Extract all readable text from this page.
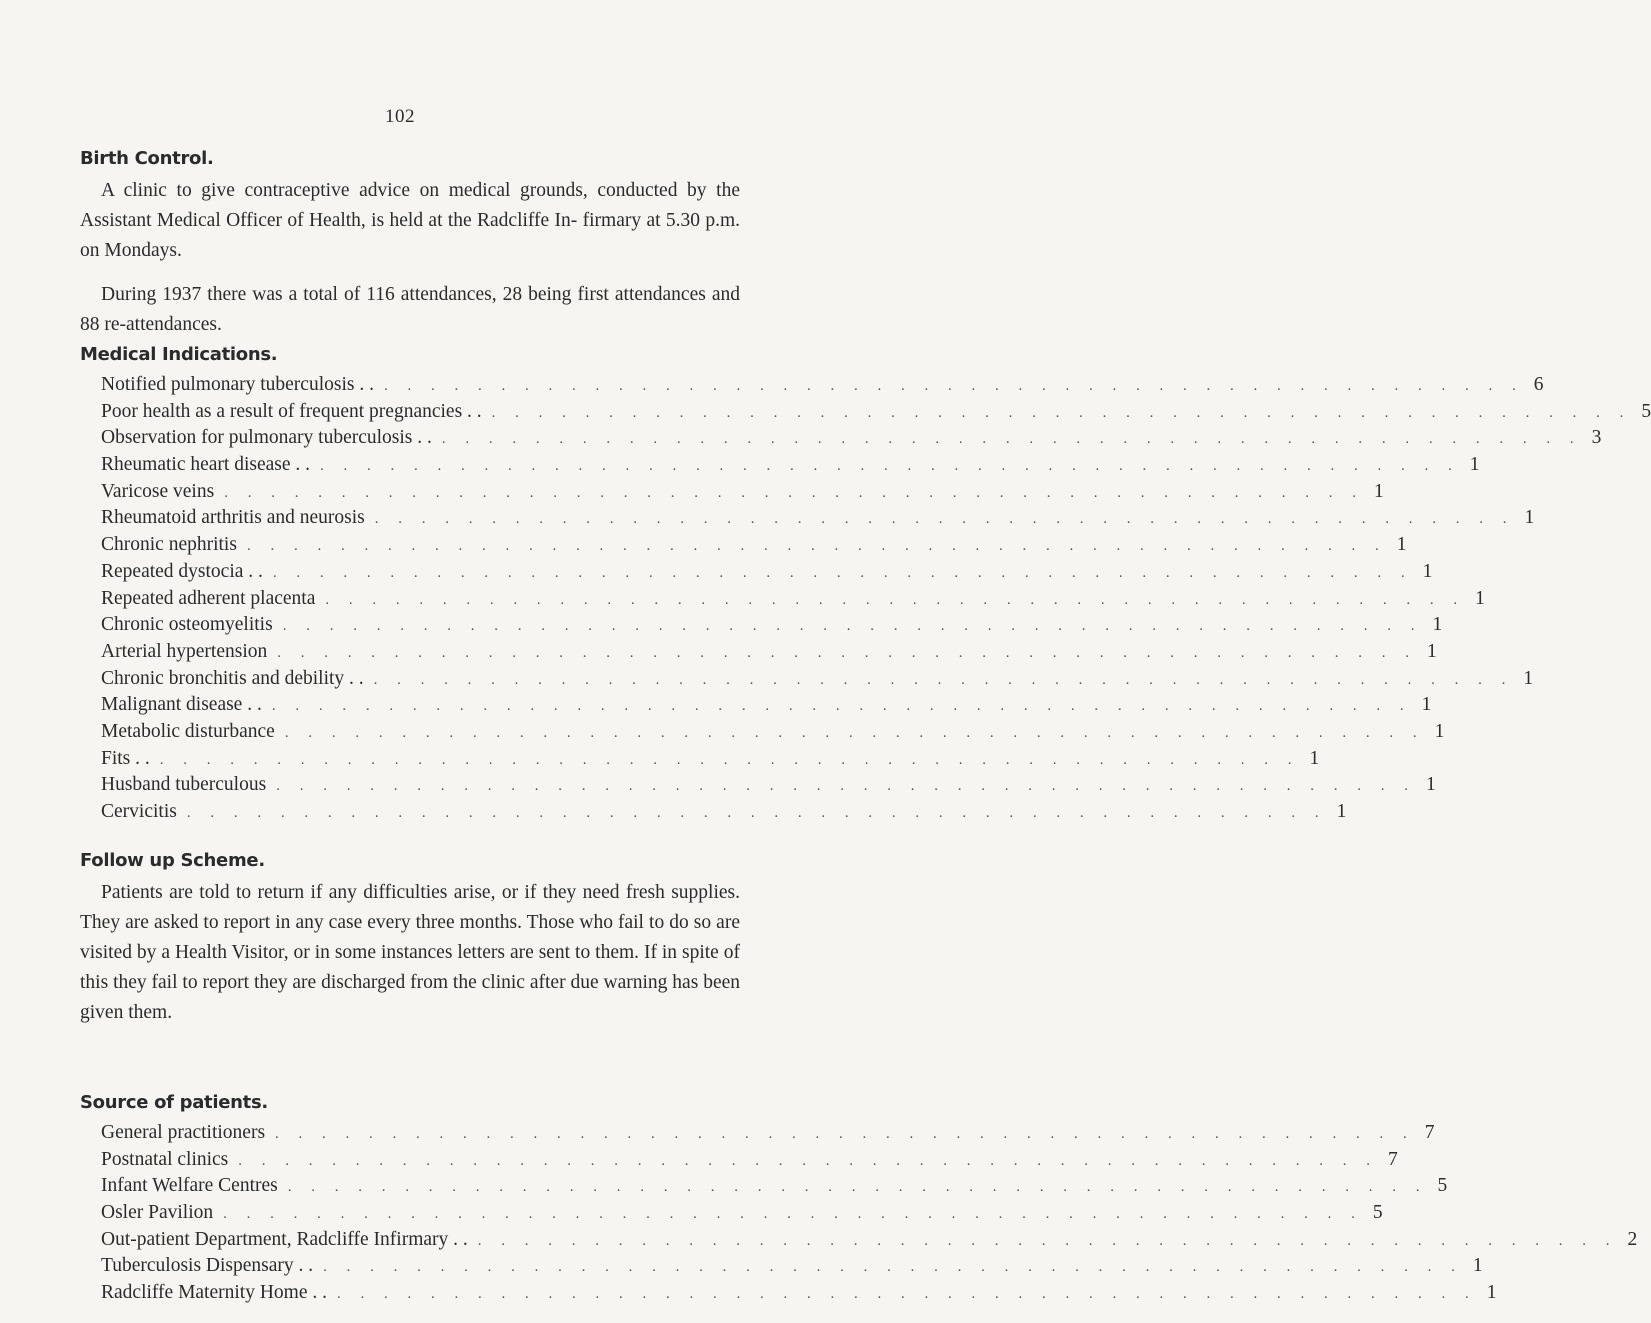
102
Birth Control.

A clinic to give contraceptive advice on medical grounds, conducted by the Assistant Medical Officer of Health, is held at the Radcliffe In- firmary at 5.30 p.m. on Mondays.

During 1937 there was a total of 116 attendances, 28 being first attendances and 88 re-attendances.

Medical Indications.
Notified pulmonary tuberculosis . . . . . . . . . . . . . . . . . . . . . . . . . . . . . . . . . . . . . . . . . . . . . . . . . . . 6
Poor health as a result of frequent pregnancies . . . . . . . . . . . . . . . . . . . . . . . . . . . . . . . . . . . . . . . . . . . . . . . . . . . 5
Observation for pulmonary tuberculosis . . . . . . . . . . . . . . . . . . . . . . . . . . . . . . . . . . . . . . . . . . . . . . . . . . . 3
Rheumatic heart disease . . . . . . . . . . . . . . . . . . . . . . . . . . . . . . . . . . . . . . . . . . . . . . . . . . . 1
Varicose veins . . . . . . . . . . . . . . . . . . . . . . . . . . . . . . . . . . . . . . . . . . . . . . . . . 1
Rheumatoid arthritis and neurosis . . . . . . . . . . . . . . . . . . . . . . . . . . . . . . . . . . . . . . . . . . . . . . . . . 1
Chronic nephritis . . . . . . . . . . . . . . . . . . . . . . . . . . . . . . . . . . . . . . . . . . . . . . . . . 1
Repeated dystocia . . . . . . . . . . . . . . . . . . . . . . . . . . . . . . . . . . . . . . . . . . . . . . . . . . . 1
Repeated adherent placenta . . . . . . . . . . . . . . . . . . . . . . . . . . . . . . . . . . . . . . . . . . . . . . . . . 1
Chronic osteomyelitis . . . . . . . . . . . . . . . . . . . . . . . . . . . . . . . . . . . . . . . . . . . . . . . . . 1
Arterial hypertension . . . . . . . . . . . . . . . . . . . . . . . . . . . . . . . . . . . . . . . . . . . . . . . . . 1
Chronic bronchitis and debility . . . . . . . . . . . . . . . . . . . . . . . . . . . . . . . . . . . . . . . . . . . . . . . . . . . 1
Malignant disease . . . . . . . . . . . . . . . . . . . . . . . . . . . . . . . . . . . . . . . . . . . . . . . . . . . 1
Metabolic disturbance . . . . . . . . . . . . . . . . . . . . . . . . . . . . . . . . . . . . . . . . . . . . . . . . . 1
Fits . . . . . . . . . . . . . . . . . . . . . . . . . . . . . . . . . . . . . . . . . . . . . . . . . . . 1
Husband tuberculous . . . . . . . . . . . . . . . . . . . . . . . . . . . . . . . . . . . . . . . . . . . . . . . . . 1
Cervicitis . . . . . . . . . . . . . . . . . . . . . . . . . . . . . . . . . . . . . . . . . . . . . . . . . 1
Follow up Scheme.

Patients are told to return if any difficulties arise, or if they need fresh supplies. They are asked to report in any case every three months. Those who fail to do so are visited by a Health Visitor, or in some instances letters are sent to them. If in spite of this they fail to report they are discharged from the clinic after due warning has been given them.

Source of patients.
General practitioners . . . . . . . . . . . . . . . . . . . . . . . . . . . . . . . . . . . . . . . . . . . . . . . . . 7
Postnatal clinics . . . . . . . . . . . . . . . . . . . . . . . . . . . . . . . . . . . . . . . . . . . . . . . . . 7
Infant Welfare Centres . . . . . . . . . . . . . . . . . . . . . . . . . . . . . . . . . . . . . . . . . . . . . . . . . 5
Osler Pavilion . . . . . . . . . . . . . . . . . . . . . . . . . . . . . . . . . . . . . . . . . . . . . . . . . 5
Out-patient Department, Radcliffe Infirmary . . . . . . . . . . . . . . . . . . . . . . . . . . . . . . . . . . . . . . . . . . . . . . . . . . . 2
Tuberculosis Dispensary . . . . . . . . . . . . . . . . . . . . . . . . . . . . . . . . . . . . . . . . . . . . . . . . . . . 1
Radcliffe Maternity Home . . . . . . . . . . . . . . . . . . . . . . . . . . . . . . . . . . . . . . . . . . . . . . . . . . . 1
